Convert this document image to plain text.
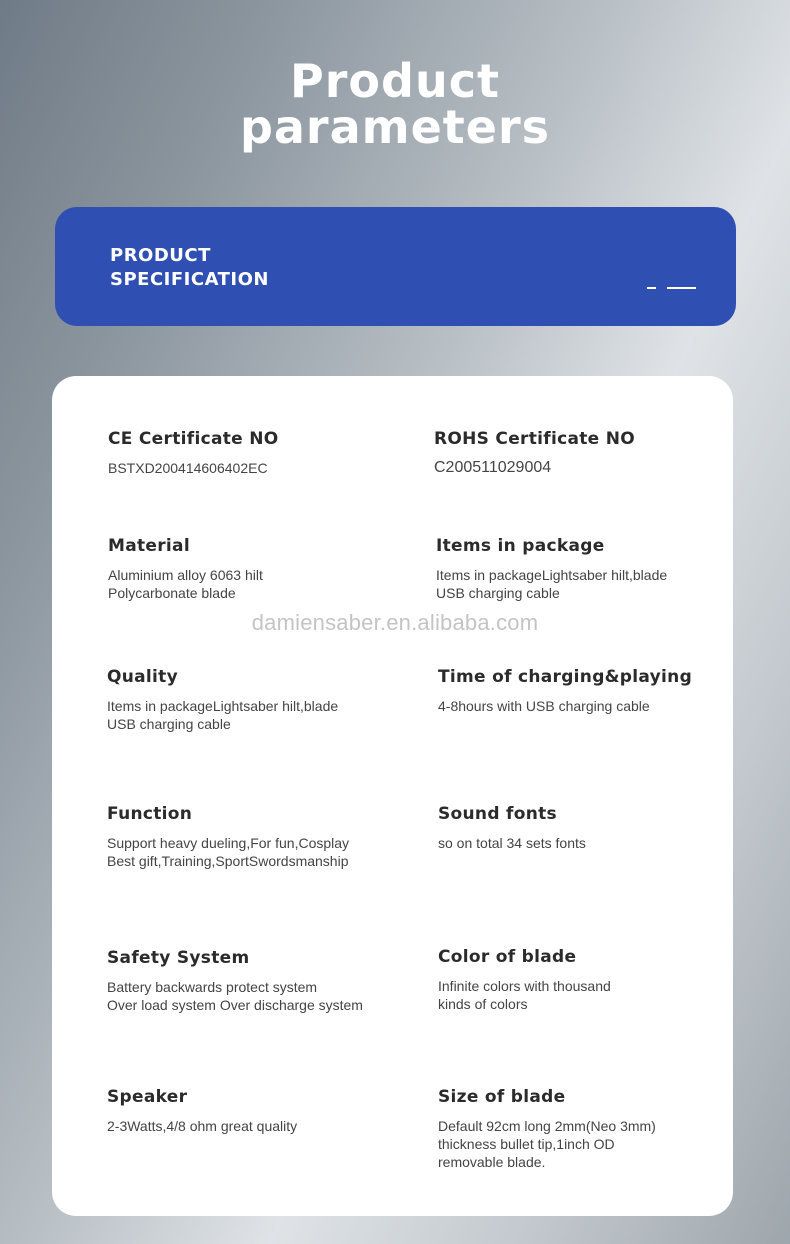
Product
parameters
PRODUCT
SPECIFICATION
CE Certificate NO
BSTXD200414606402EC
ROHS Certificate NO
C200511029004
Material
Aluminium alloy 6063 hilt
Polycarbonate blade
Items in package
Items in packageLightsaber hilt,blade
USB charging cable
Quality
Items in packageLightsaber hilt,blade
USB charging cable
Time of charging&playing
4-8hours with USB charging cable
Function
Support heavy dueling,For fun,Cosplay
Best gift,Training,SportSwordsmanship
Sound fonts
so on total 34 sets fonts
Safety System
Battery backwards protect system
Over load system Over discharge system
Color of blade
Infinite colors with thousand
kinds of colors
Speaker
2-3Watts,4/8 ohm great quality
Size of blade
Default 92cm long 2mm(Neo 3mm)
thickness bullet tip,1inch OD
removable blade.
damiensaber.en.alibaba.com
